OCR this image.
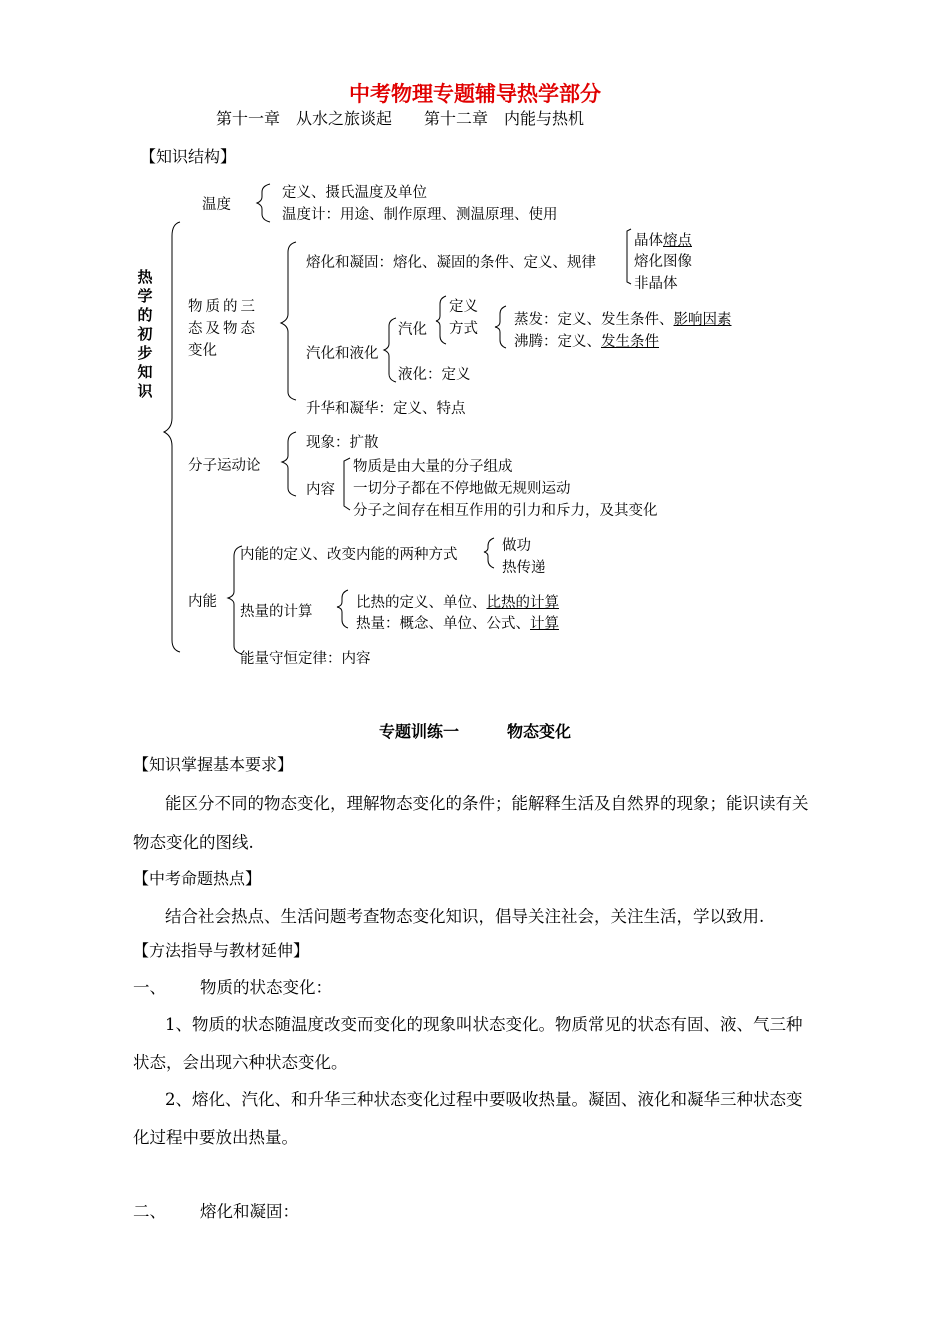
中考物理专题辅导热学部分
第十一章　从水之旅谈起　　第十二章　内能与热机
【知识结构】
热学的初步知识
温度
定义、摄氏温度及单位
温度计：用途、制作原理、测温原理、使用
物质的三
态及物态
变化
熔化和凝固：熔化、凝固的条件、定义、规律
晶体熔点
熔化图像
非晶体
汽化和液化
汽化
定义
方式
蒸发：定义、发生条件、影响因素
沸腾：定义、发生条件
液化：定义
升华和凝华：定义、特点
分子运动论
现象：扩散
内容
物质是由大量的分子组成
一切分子都在不停地做无规则运动
分子之间存在相互作用的引力和斥力，及其变化
内能
内能的定义、改变内能的两种方式
做功
热传递
热量的计算
比热的定义、单位、比热的计算
热量：概念、单位、公式、计算
能量守恒定律：内容
专题训练一　　　物态变化
【知识掌握基本要求】
能区分不同的物态变化，理解物态变化的条件；能解释生活及自然界的现象；能识读有关
物态变化的图线.
【中考命题热点】
结合社会热点、生活问题考查物态变化知识，倡导关注社会，关注生活，学以致用.
【方法指导与教材延伸】
一、 物质的状态变化：
1、物质的状态随温度改变而变化的现象叫状态变化。物质常见的状态有固、液、气三种
状态，会出现六种状态变化。
2、熔化、汽化、和升华三种状态变化过程中要吸收热量。凝固、液化和凝华三种状态变
化过程中要放出热量。
二、 熔化和凝固：
